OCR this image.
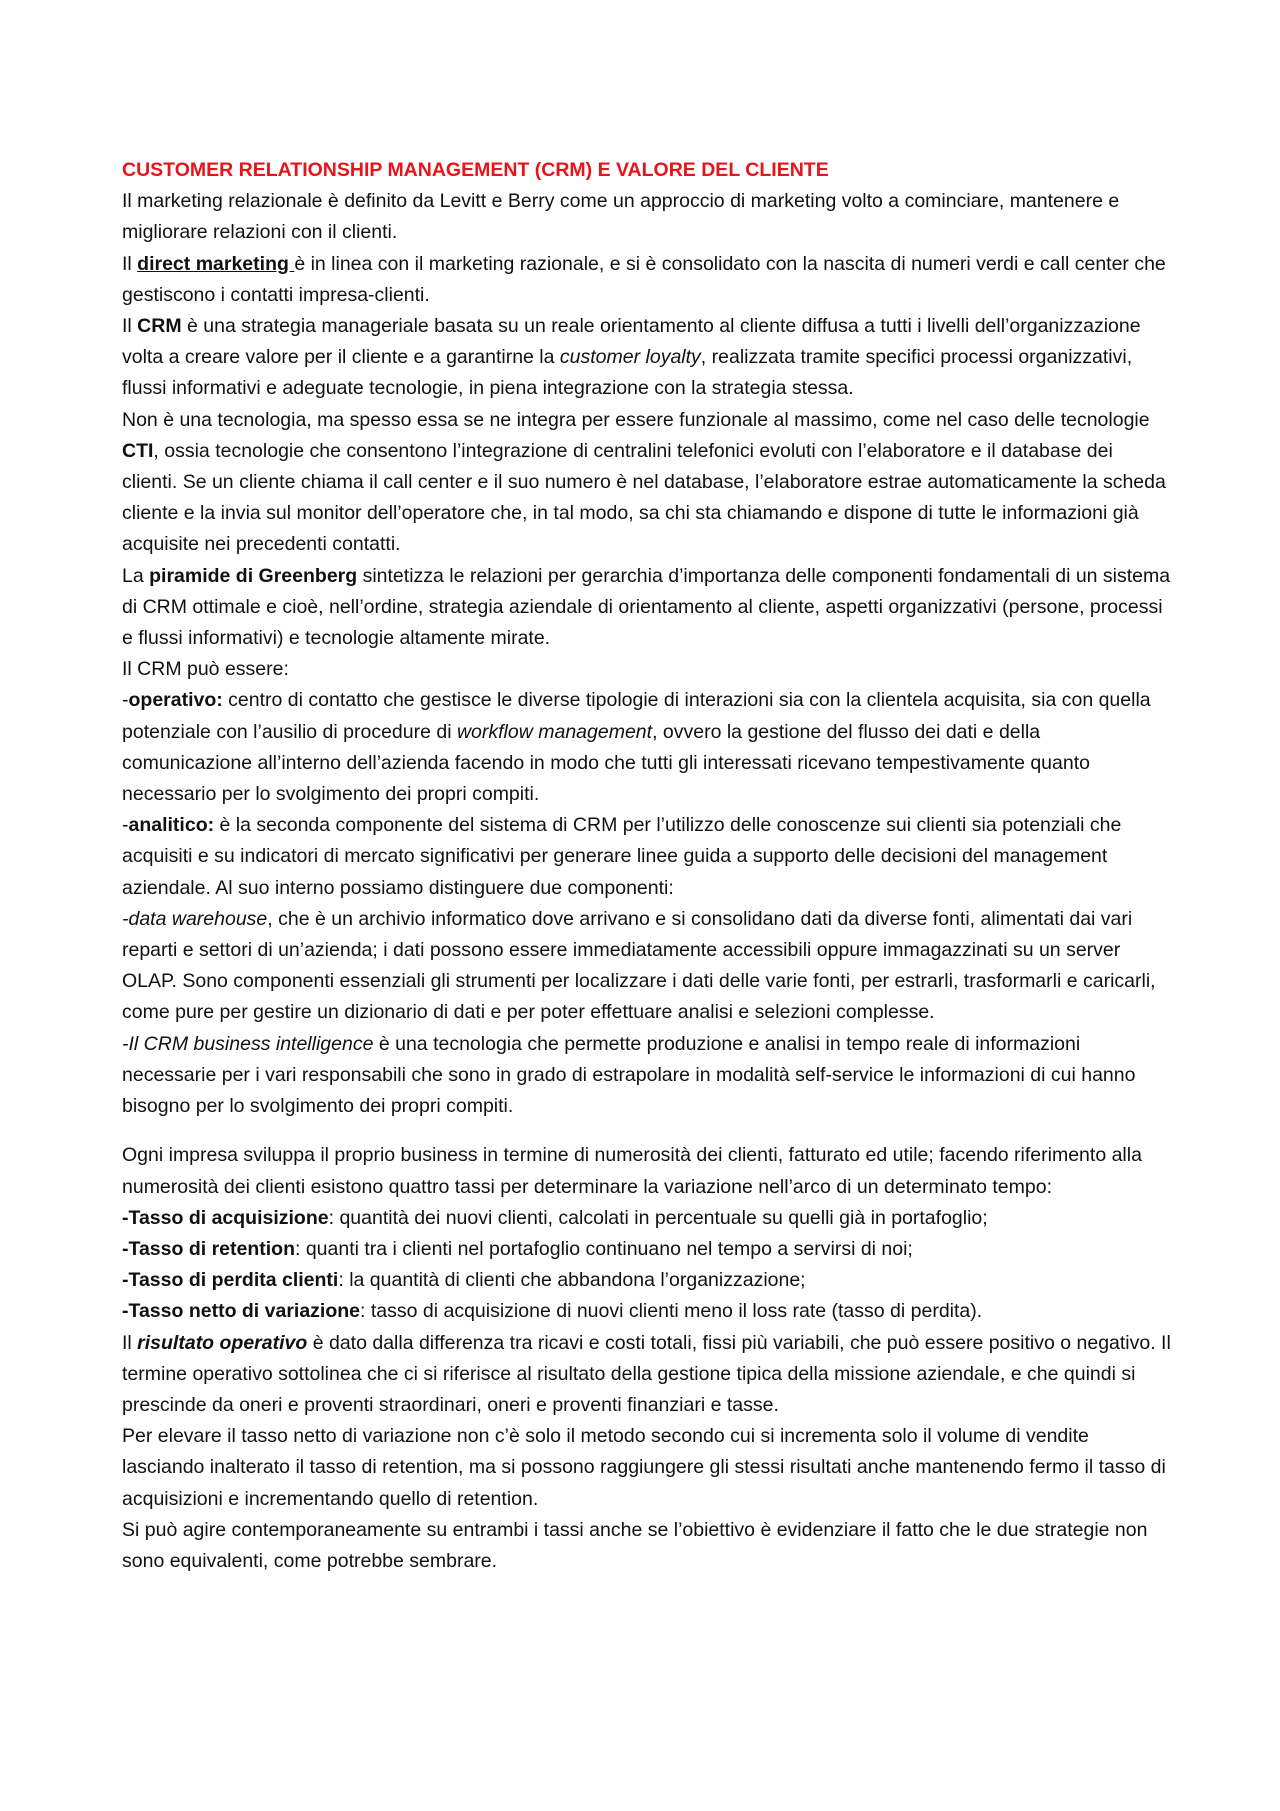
CUSTOMER RELATIONSHIP MANAGEMENT (CRM) E VALORE DEL CLIENTE

Il marketing relazionale è definito da Levitt e Berry come un approccio di marketing volto a cominciare, mantenere e migliorare relazioni con il clienti.

Il direct marketing è in linea con il marketing razionale, e si è consolidato con la nascita di numeri verdi e call center che gestiscono i contatti impresa-clienti.

Il CRM è una strategia manageriale basata su un reale orientamento al cliente diffusa a tutti i livelli dell’organizzazione volta a creare valore per il cliente e a garantirne la customer loyalty, realizzata tramite specifici processi organizzativi, flussi informativi e adeguate tecnologie, in piena integrazione con la strategia stessa.

Non è una tecnologia, ma spesso essa se ne integra per essere funzionale al massimo, come nel caso delle tecnologie CTI, ossia tecnologie che consentono l’integrazione di centralini telefonici evoluti con l’elaboratore e il database dei clienti. Se un cliente chiama il call center e il suo numero è nel database, l’elaboratore estrae automaticamente la scheda cliente e la invia sul monitor dell’operatore che, in tal modo, sa chi sta chiamando e dispone di tutte le informazioni già acquisite nei precedenti contatti.

La piramide di Greenberg sintetizza le relazioni per gerarchia d’importanza delle componenti fondamentali di un sistema di CRM ottimale e cioè, nell’ordine, strategia aziendale di orientamento al cliente, aspetti organizzativi (persone, processi e flussi informativi) e tecnologie altamente mirate.

Il CRM può essere:

-operativo: centro di contatto che gestisce le diverse tipologie di interazioni sia con la clientela acquisita, sia con quella potenziale con l’ausilio di procedure di workflow management, ovvero la gestione del flusso dei dati e della comunicazione all’interno dell’azienda facendo in modo che tutti gli interessati ricevano tempestivamente quanto necessario per lo svolgimento dei propri compiti.

-analitico: è la seconda componente del sistema di CRM per l’utilizzo delle conoscenze sui clienti sia potenziali che acquisiti e su indicatori di mercato significativi per generare linee guida a supporto delle decisioni del management aziendale. Al suo interno possiamo distinguere due componenti:

-data warehouse, che è un archivio informatico dove arrivano e si consolidano dati da diverse fonti, alimentati dai vari reparti e settori di un’azienda; i dati possono essere immediatamente accessibili oppure immagazzinati su un server OLAP. Sono componenti essenziali gli strumenti per localizzare i dati delle varie fonti, per estrarli, trasformarli e caricarli, come pure per gestire un dizionario di dati e per poter effettuare analisi e selezioni complesse.

-Il CRM business intelligence è una tecnologia che permette produzione e analisi in tempo reale di informazioni necessarie per i vari responsabili che sono in grado di estrapolare in modalità self-service le informazioni di cui hanno bisogno per lo svolgimento dei propri compiti.

Ogni impresa sviluppa il proprio business in termine di numerosità dei clienti, fatturato ed utile; facendo riferimento alla numerosità dei clienti esistono quattro tassi per determinare la variazione nell’arco di un determinato tempo:

-Tasso di acquisizione: quantità dei nuovi clienti, calcolati in percentuale su quelli già in portafoglio;

-Tasso di retention: quanti tra i clienti nel portafoglio continuano nel tempo a servirsi di noi;

-Tasso di perdita clienti: la quantità di clienti che abbandona l’organizzazione;

-Tasso netto di variazione: tasso di acquisizione di nuovi clienti meno il loss rate (tasso di perdita).

Il risultato operativo è dato dalla differenza tra ricavi e costi totali, fissi più variabili, che può essere positivo o negativo. Il termine operativo sottolinea che ci si riferisce al risultato della gestione tipica della missione aziendale, e che quindi si prescinde da oneri e proventi straordinari, oneri e proventi finanziari e tasse.

Per elevare il tasso netto di variazione non c’è solo il metodo secondo cui si incrementa solo il volume di vendite lasciando inalterato il tasso di retention, ma si possono raggiungere gli stessi risultati anche mantenendo fermo il tasso di acquisizioni e incrementando quello di retention.

Si può agire contemporaneamente su entrambi i tassi anche se l’obiettivo è evidenziare il fatto che le due strategie non sono equivalenti, come potrebbe sembrare.
